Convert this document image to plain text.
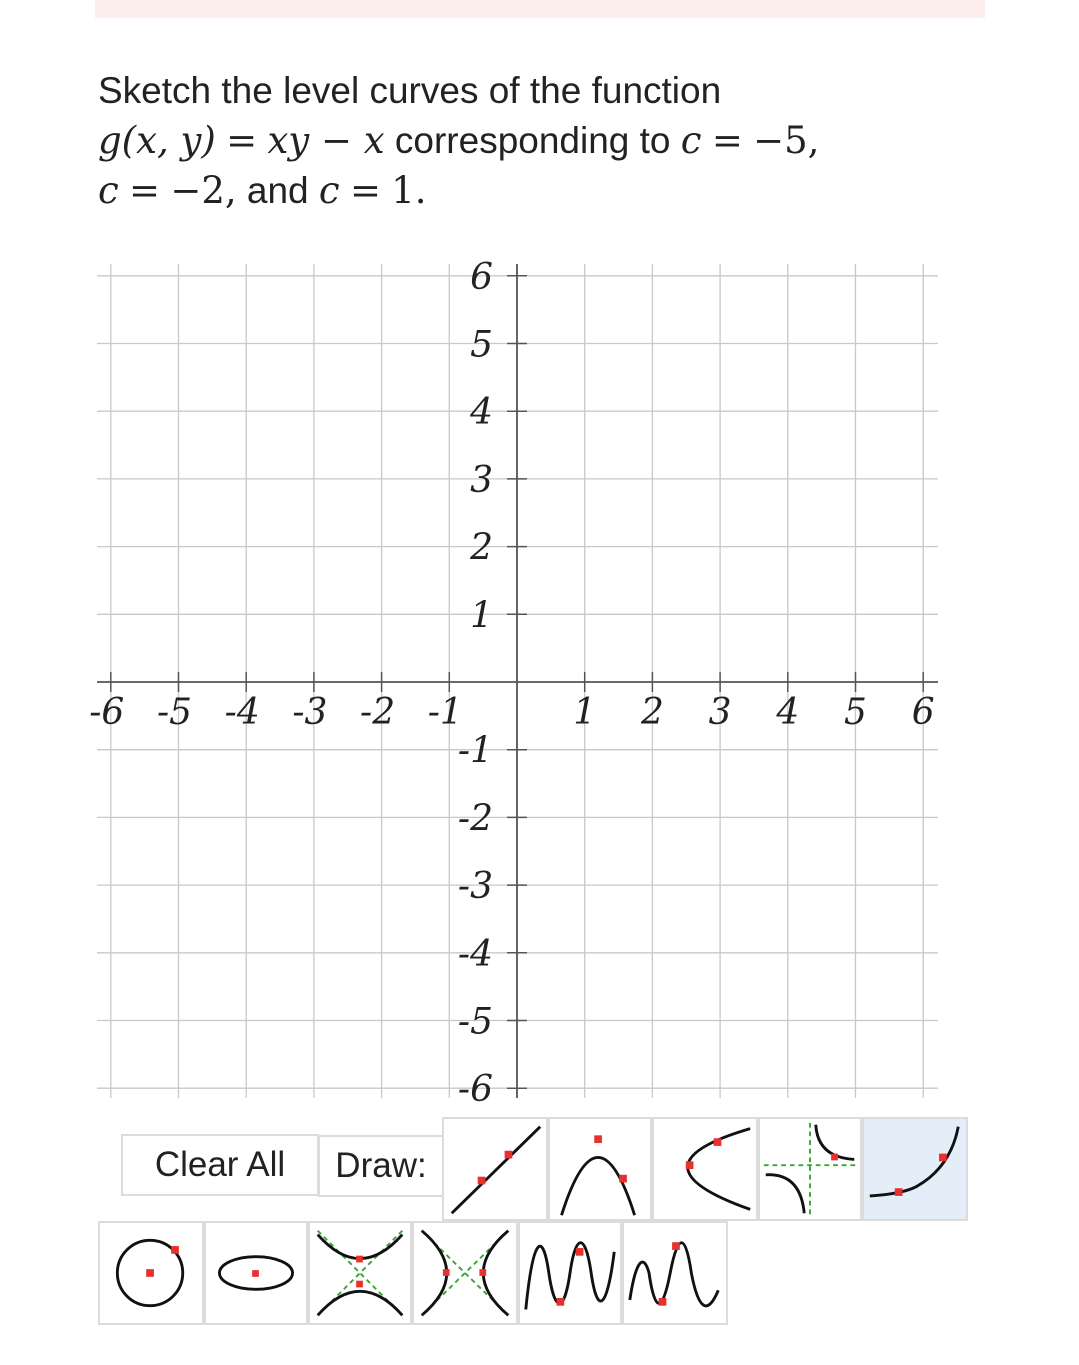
Sketch the level curves of the function
g(x, y) = xy − x corresponding to c = −5,
c = −2, and c = 1.
-6 -5 -4 -3 -2 -1	1 2 3 4 5 6
6
5
4
3
2
1
-1
-2
-3
-4
-5
-6
Clear All Draw:
